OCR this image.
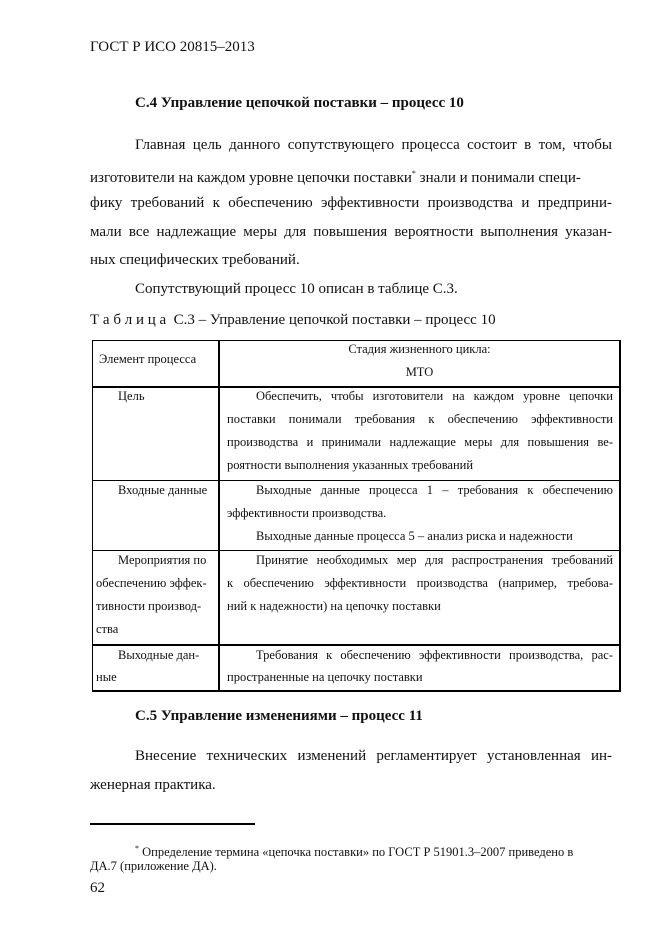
ГОСТ Р ИСО 20815–2013
С.4 Управление цепочкой поставки – процесс 10
Главная цель данного сопутствующего процесса состоит в том, чтобы
изготовители на каждом уровне цепочки поставки* знали и понимали специ-
фику требований к обеспечению эффективности производства и предприни-
мали все надлежащие меры для повышения вероятности выполнения указан-
ных специфических требований.
Сопутствующий процесс 10 описан в таблице С.3.
Т а б л и ц а С.3 – Управление цепочкой поставки – процесс 10
Элемент процесса
Стадия жизненного цикла:
МТО
Цель	Обеспечить, чтобы изготовители на каждом уровне цепочки
поставки понимали требования к обеспечению эффективности
производства и принимали надлежащие меры для повышения ве-
роятности выполнения указанных требований
Входные данные	Выходные данные процесса 1 – требования к обеспечению
эффективности производства.
Выходные данные процесса 5 – анализ риска и надежности
Мероприятия по
обеспечению эффек-
тивности производ-
ства
Принятие необходимых мер для распространения требований
к обеспечению эффективности производства (например, требова-
ний к надежности) на цепочку поставки
Выходные дан-
ные
Требования к обеспечению эффективности производства, рас-
пространенные на цепочку поставки
С.5 Управление изменениями – процесс 11
Внесение технических изменений регламентирует установленная ин-
женерная практика.
* Определение термина «цепочка поставки» по ГОСТ Р 51901.3–2007 приведено в
ДА.7 (приложение ДА).
62
